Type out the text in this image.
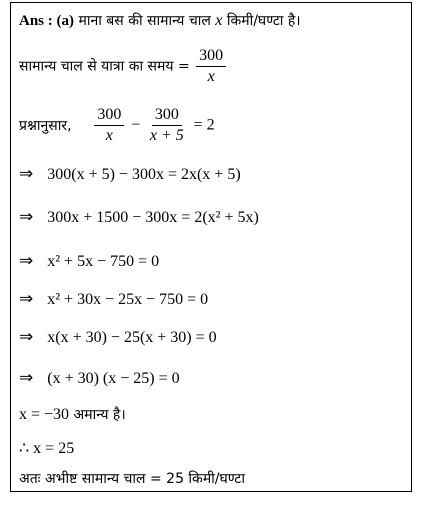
Ans : (a) माना बस की सामान्य चाल x किमी/घण्टा है।
सामान्य चाल से यात्रा का समय = $\frac{300}{x}$
प्रश्नानुसार, $\frac{300}{x} - \frac{300}{x + 5} = 2$
⇒ 300(x + 5) − 300x = 2x(x + 5)
⇒ 300x + 1500 − 300x = 2(x² + 5x)
⇒ x² + 5x − 750 = 0
⇒ x² + 30x − 25x − 750 = 0
⇒ x(x + 30) − 25(x + 30) = 0
⇒ (x + 30) (x − 25) = 0
x = −30 अमान्य है।
∴ x = 25
अतः अभीष्ट सामान्य चाल = 25 किमी/घण्टा
